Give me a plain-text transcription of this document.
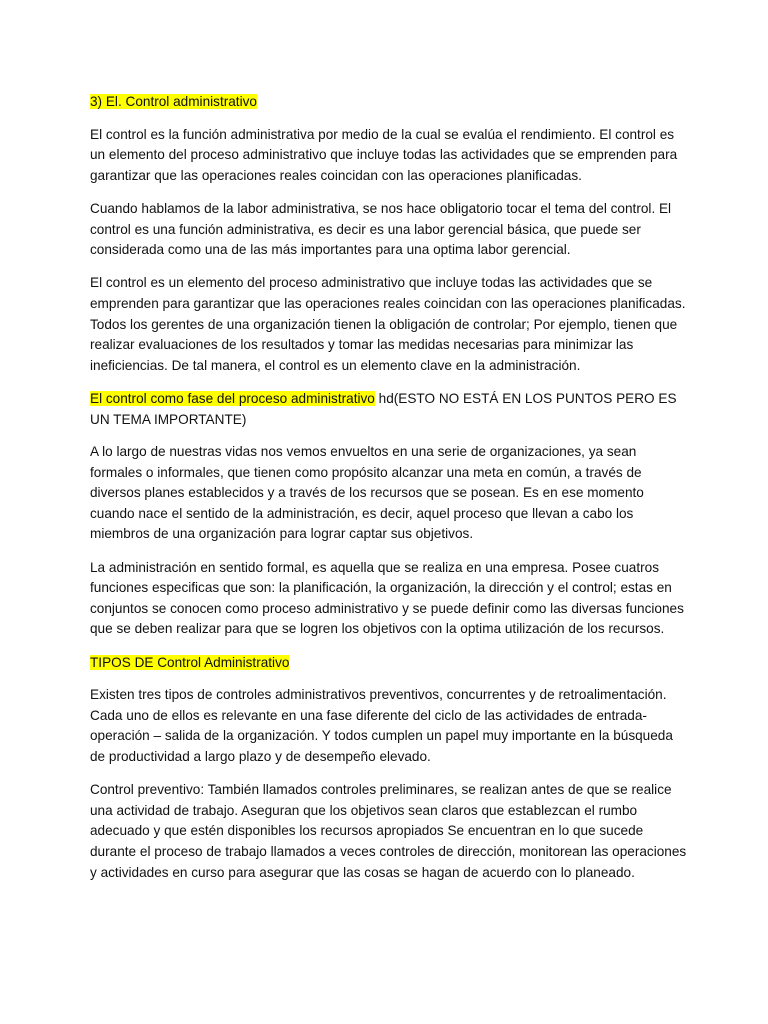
3) El. Control administrativo

El control es la función administrativa por medio de la cual se evalúa el rendimiento. El control es un elemento del proceso administrativo que incluye todas las actividades que se emprenden para garantizar que las operaciones reales coincidan con las operaciones planificadas.

Cuando hablamos de la labor administrativa, se nos hace obligatorio tocar el tema del control. El control es una función administrativa, es decir es una labor gerencial básica, que puede ser considerada como una de las más importantes para una optima labor gerencial.

El control es un elemento del proceso administrativo que incluye todas las actividades que se emprenden para garantizar que las operaciones reales coincidan con las operaciones planificadas. Todos los gerentes de una organización tienen la obligación de controlar; Por ejemplo, tienen que realizar evaluaciones de los resultados y tomar las medidas necesarias para minimizar las ineficiencias. De tal manera, el control es un elemento clave en la administración.

El control como fase del proceso administrativo hd(ESTO NO ESTÁ EN LOS PUNTOS PERO ES UN TEMA IMPORTANTE)

A lo largo de nuestras vidas nos vemos envueltos en una serie de organizaciones, ya sean formales o informales, que tienen como propósito alcanzar una meta en común, a través de diversos planes establecidos y a través de los recursos que se posean. Es en ese momento cuando nace el sentido de la administración, es decir, aquel proceso que llevan a cabo los miembros de una organización para lograr captar sus objetivos.

La administración en sentido formal, es aquella que se realiza en una empresa. Posee cuatros funciones especificas que son: la planificación, la organización, la dirección y el control; estas en conjuntos se conocen como proceso administrativo y se puede definir como las diversas funciones que se deben realizar para que se logren los objetivos con la optima utilización de los recursos.

TIPOS DE Control Administrativo

Existen tres tipos de controles administrativos preventivos, concurrentes y de retroalimentación. Cada uno de ellos es relevante en una fase diferente del ciclo de las actividades de entrada- operación – salida de la organización. Y todos cumplen un papel muy importante en la búsqueda de productividad a largo plazo y de desempeño elevado.

Control preventivo: También llamados controles preliminares, se realizan antes de que se realice una actividad de trabajo. Aseguran que los objetivos sean claros que establezcan el rumbo adecuado y que estén disponibles los recursos apropiados Se encuentran en lo que sucede durante el proceso de trabajo llamados a veces controles de dirección, monitorean las operaciones y actividades en curso para asegurar que las cosas se hagan de acuerdo con lo planeado.
